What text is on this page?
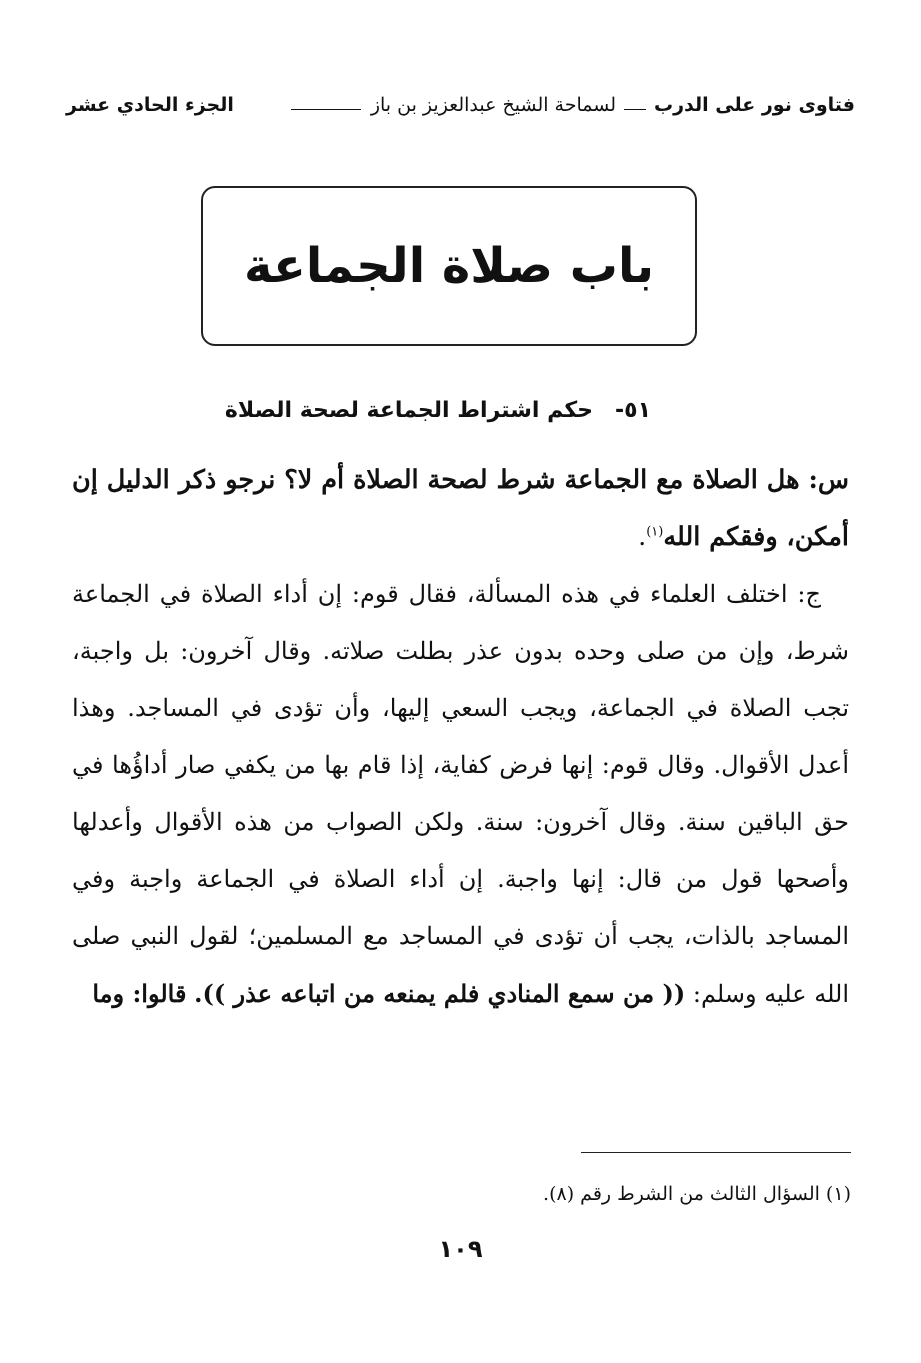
فتاوى نور على الدرب
لسماحة الشيخ عبدالعزيز بن باز
الجزء الحادي عشر
باب صلاة الجماعة
٥١-
حكم اشتراط الجماعة لصحة الصلاة

س: هل الصلاة مع الجماعة شرط لصحة الصلاة أم لا؟ نرجو ذكر الدليل إن أمكن، وفقكم الله$^{(١)}$.

ج: اختلف العلماء في هذه المسألة، فقال قوم: إن أداء الصلاة في الجماعة شرط، وإن من صلى وحده بدون عذر بطلت صلاته. وقال آخرون: بل واجبة، تجب الصلاة في الجماعة، ويجب السعي إليها، وأن تؤدى في المساجد. وهذا أعدل الأقوال. وقال قوم: إنها فرض كفاية، إذا قام بها من يكفي صار أداؤُها في حق الباقين سنة. وقال آخرون: سنة. ولكن الصواب من هذه الأقوال وأعدلها وأصحها قول من قال: إنها واجبة. إن أداء الصلاة في الجماعة واجبة وفي المساجد بالذات، يجب أن تؤدى في المساجد مع المسلمين؛ لقول النبي صلى الله عليه وسلم: (( من سمع المنادي فلم يمنعه من اتباعه عذر )). قالوا: وما

(١) السؤال الثالث من الشرط رقم (٨).
١٠٩
